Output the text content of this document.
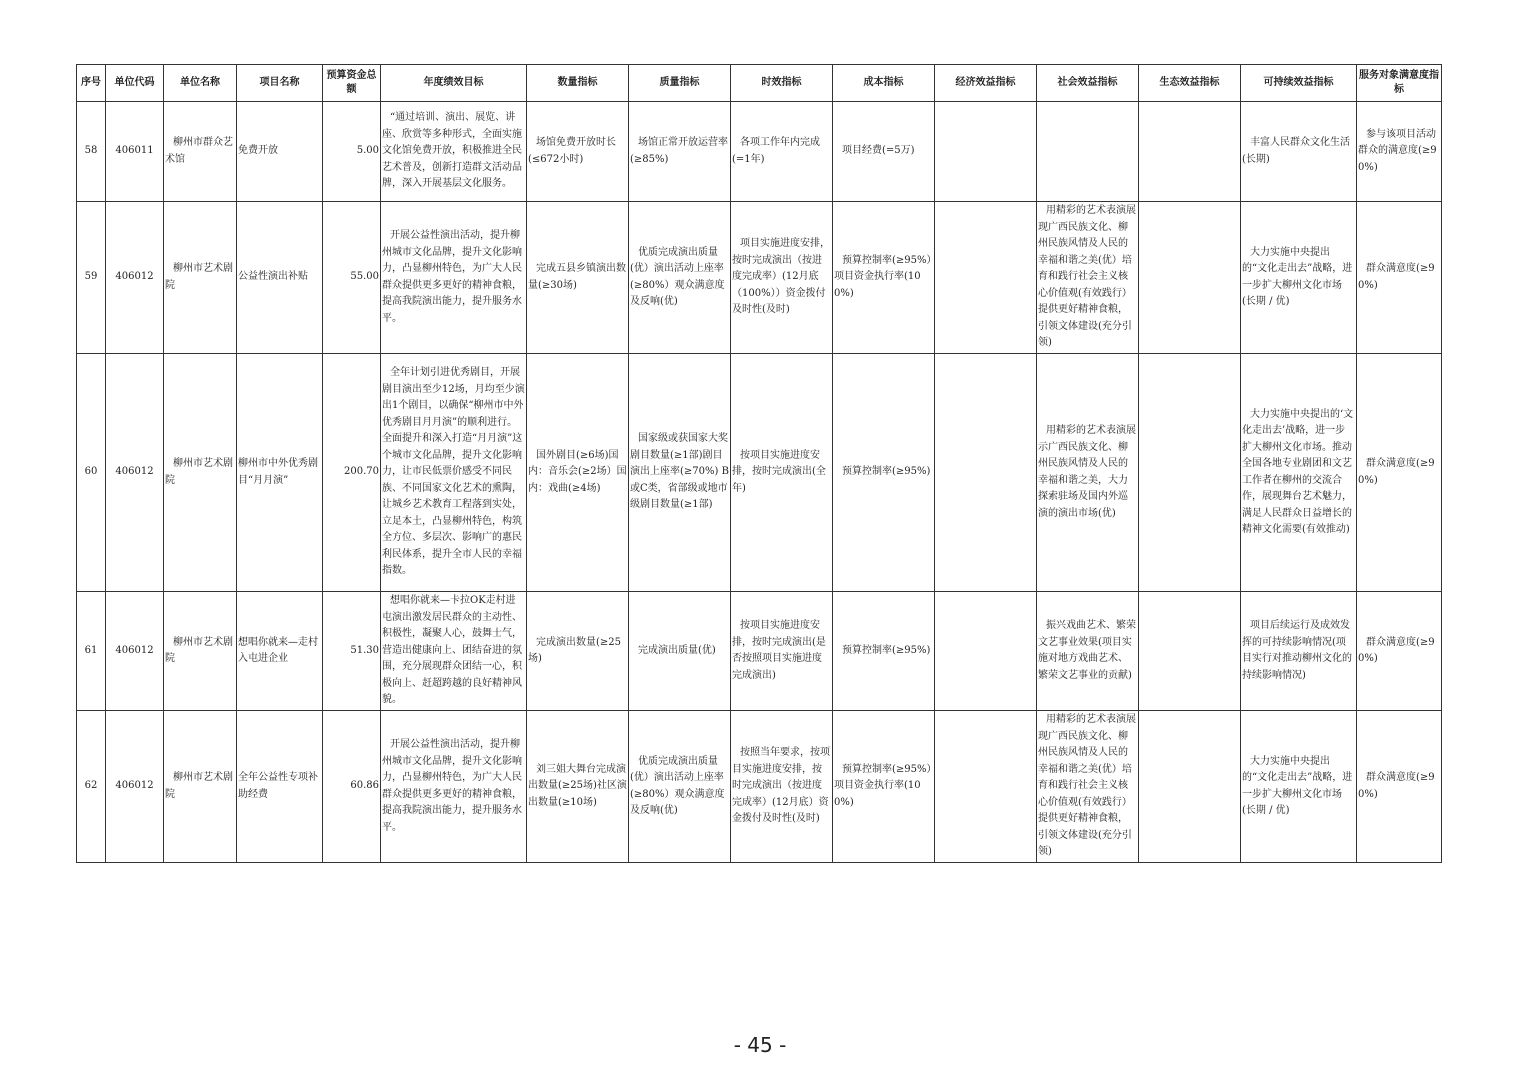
序号	单位代码	单位名称	项目名称	预算资金总额	年度绩效目标	数量指标	质量指标	时效指标	成本指标	经济效益指标	社会效益指标	生态效益指标	可持续效益指标	服务对象满意度指标
58	406011	柳州市群众艺术馆	免费开放	5.00	“通过培训、演出、展览、讲座、欣赏等多种形式，全面实施文化馆免费开放，积极推进全民艺术普及，创新打造群文活动品牌，深入开展基层文化服务。	场馆免费开放时长(≤672小时)	场馆正常开放运营率(≥85%)	各项工作年内完成(=1年)	项目经费(=5万)				丰富人民群众文化生活(长期)	参与该项目活动群众的满意度(≥90%)
59	406012	柳州市艺术剧院	公益性演出补贴	55.00	开展公益性演出活动，提升柳州城市文化品牌，提升文化影响力，凸显柳州特色，为广大人民群众提供更多更好的精神食粮，提高我院演出能力，提升服务水平。	完成五县乡镇演出数量(≥30场)	优质完成演出质量(优）演出活动上座率(≥80%）观众满意度及反响(优)	项目实施进度安排，按时完成演出（按进度完成率）(12月底（100%））资金拨付及时性(及时)	预算控制率(≥95%）项目资金执行率(100%)		用精彩的艺术表演展现广西民族文化、柳州民族风情及人民的幸福和谐之美(优）培育和践行社会主义核心价值观(有效践行）提供更好精神食粮，引领文体建设(充分引领)		大力实施中央提出的“文化走出去”战略，进一步扩大柳州文化市场(长期 / 优)	群众满意度(≥90%)
60	406012	柳州市艺术剧院	柳州市中外优秀剧目“月月演”	200.70	全年计划引进优秀剧目，开展剧目演出至少12场，月均至少演出1个剧目，以确保“柳州市中外优秀剧目月月演”的顺利进行。全面提升和深入打造“月月演”这个城市文化品牌，提升文化影响力，让市民低票价感受不同民族、不同国家文化艺术的熏陶，让城乡艺术教育工程落到实处，立足本土，凸显柳州特色，构筑全方位、多层次、影响广的惠民利民体系，提升全市人民的幸福指数。	国外剧目(≥6场)国内：音乐会(≥2场）国内：戏曲(≥4场)	国家级或获国家大奖剧目数量(≥1部)剧目演出上座率(≥70%) B或C类，省部级或地市级剧目数量(≥1部)	按项目实施进度安排，按时完成演出(全年)	预算控制率(≥95%)		用精彩的艺术表演展示广西民族文化、柳州民族风情及人民的幸福和谐之美，大力探索驻场及国内外巡演的演出市场(优)		大力实施中央提出的‘文化走出去’战略，进一步扩大柳州文化市场。推动全国各地专业剧团和文艺工作者在柳州的交流合作，展现舞台艺术魅力，满足人民群众日益增长的精神文化需要(有效推动)	群众满意度(≥90%)
61	406012	柳州市艺术剧院	想唱你就来—走村入屯进企业	51.30	想唱你就来—卡拉OK走村进屯演出激发居民群众的主动性、积极性，凝聚人心，鼓舞士气，营造出健康向上、团结奋进的氛围，充分展现群众团结一心，积极向上、赶超跨越的良好精神风貌。	完成演出数量(≥25场)	完成演出质量(优)	按项目实施进度安排，按时完成演出(是否按照项目实施进度完成演出)	预算控制率(≥95%)		振兴戏曲艺术、繁荣文艺事业效果(项目实施对地方戏曲艺术、繁荣文艺事业的贡献)		项目后续运行及成效发挥的可持续影响情况(项目实行对推动柳州文化的持续影响情况)	群众满意度(≥90%)
62	406012	柳州市艺术剧院	全年公益性专项补助经费	60.86	开展公益性演出活动，提升柳州城市文化品牌，提升文化影响力，凸显柳州特色，为广大人民群众提供更多更好的精神食粮，提高我院演出能力，提升服务水平。	刘三姐大舞台完成演出数量(≥25场)社区演出数量(≥10场)	优质完成演出质量(优）演出活动上座率(≥80%）观众满意度及反响(优)	按照当年要求，按项目实施进度安排，按时完成演出（按进度完成率）(12月底）资金拨付及时性(及时)	预算控制率(≥95%）项目资金执行率(100%)		用精彩的艺术表演展现广西民族文化、柳州民族风情及人民的幸福和谐之美(优）培育和践行社会主义核心价值观(有效践行）提供更好精神食粮，引领文体建设(充分引领)		大力实施中央提出的“文化走出去”战略，进一步扩大柳州文化市场(长期 / 优)	群众满意度(≥90%)
- 45 -
